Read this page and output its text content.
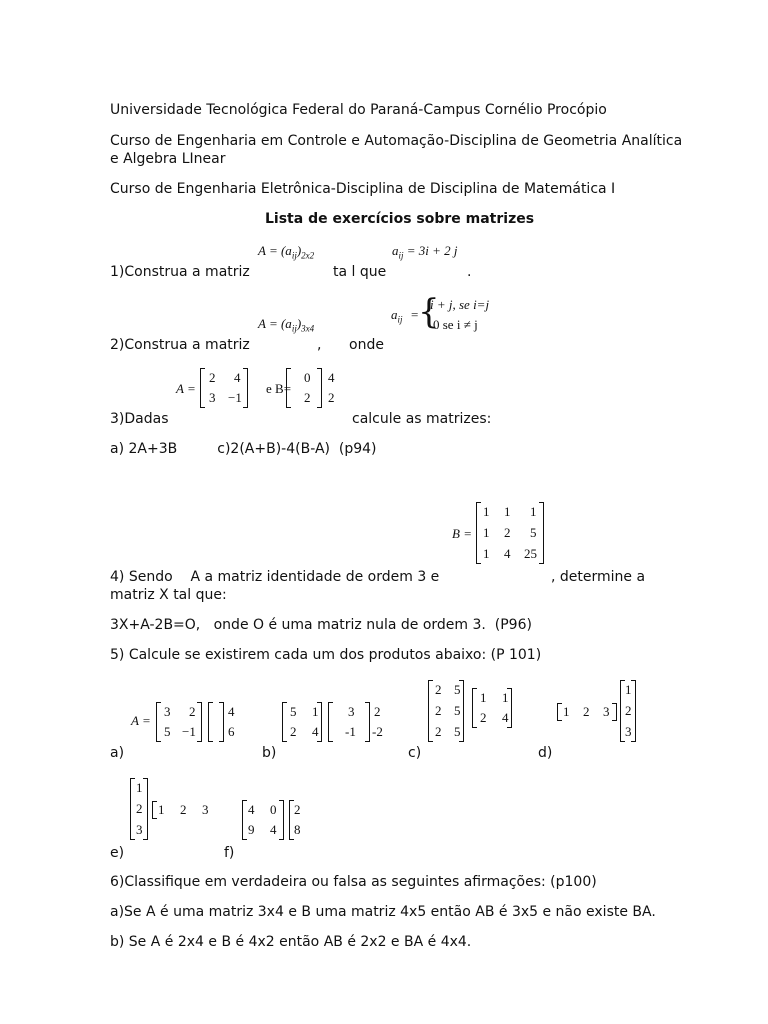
Universidade Tecnológica Federal do Paraná-Campus Cornélio Procópio
Curso de Engenharia em Controle e Automação-Disciplina de Geometria Analítica
e Algebra LInear
Curso de Engenharia Eletrônica-Disciplina de Disciplina de Matemática I
Lista de exercícios sobre matrizes
$A = (a_{ij})_{2x2}$	$a_{ij} = 3i + 2$ j
1)Construa a matriz	ta l que	.
$A = (a_{ij})_{3x4}$
$a_{ij}$ = {
i + j, se i=j
0 se i ≠ j
2)Construa a matriz	, onde
A =
2 4
3 −1
e B=
0 4
2 2
3)Dadas	calcule as matrizes:
a) 2A+3B         c)2(A+B)-4(B-A)  (p94)
B =
1 1 1
1 2 5
1 4 25
4) Sendo    A a matriz identidade de ordem 3 e	, determine a
matriz X tal que:
3X+A-2B=O,   onde O é uma matriz nula de ordem 3.  (P96)
5) Calcule se existirem cada um dos produtos abaixo: (P 101)
A =
3 2
5 −1
4
6
a)
5 1
2 4
3 2
-1 -2
b)
2 5
2 5
2 5
1 1
2 4
c)
1 2 3
1
2
3
d)
1
2
3
1 2 3
e)
4 0
9 4
2
8
f)
6)Classifique em verdadeira ou falsa as seguintes afirmações: (p100)
a)Se A é uma matriz 3x4 e B uma matriz 4x5 então AB é 3x5 e não existe BA.
b) Se A é 2x4 e B é 4x2 então AB é 2x2 e BA é 4x4.
